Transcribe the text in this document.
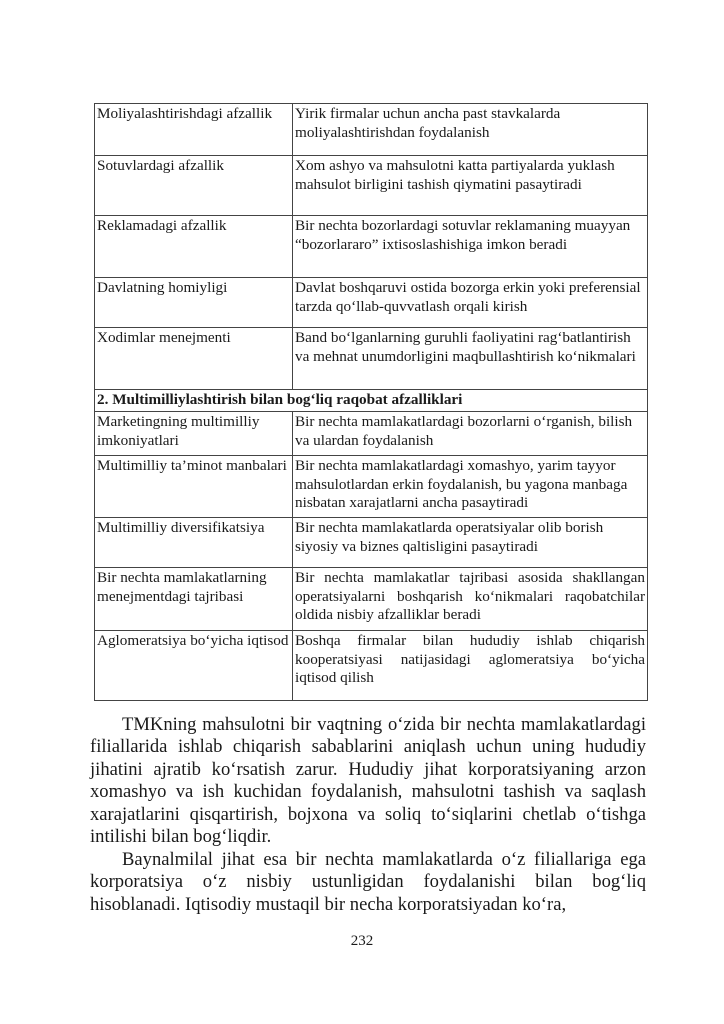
Moliyalashtirishdagi afzallik	Yirik firmalar uchun ancha past stavkalarda moliyalashtirishdan foydalanish
Sotuvlardagi afzallik	Xom ashyo va mahsulotni katta partiyalarda yuklash mahsulot birligini tashish qiymatini pasaytiradi
Reklamadagi afzallik	Bir nechta bozorlardagi sotuvlar reklamaning muayyan “bozorlararo” ixtisoslashishiga imkon beradi
Davlatning homiyligi	Davlat boshqaruvi ostida bozorga erkin yoki preferensial tarzda qo‘llab-quvvatlash orqali kirish
Xodimlar menejmenti	Band bo‘lganlarning guruhli faoliyatini rag‘batlantirish va mehnat unumdorligini maqbullashtirish ko‘nikmalari
2. Multimilliylashtirish bilan bog‘liq raqobat afzalliklari	
Marketingning multimilliy imkoniyatlari	Bir nechta mamlakatlardagi bozorlarni o‘rganish, bilish va ulardan foydalanish
Multimilliy ta’minot manbalari	Bir nechta mamlakatlardagi xomashyo, yarim tayyor mahsulotlardan erkin foydalanish, bu yagona manbaga nisbatan xarajatlarni ancha pasaytiradi
Multimilliy diversifikatsiya	Bir nechta mamlakatlarda operatsiyalar olib borish siyosiy va biznes qaltisligini pasaytiradi
Bir nechta mamlakatlarning menejmentdagi tajribasi	Bir nechta mamlakatlar tajribasi asosida shakllangan operatsiyalarni boshqarish ko‘nikmalari raqobatchilar oldida nisbiy afzalliklar beradi
Aglomeratsiya bo‘yicha iqtisod	Boshqa firmalar bilan hududiy ishlab chiqarish kooperatsiyasi natijasidagi aglomeratsiya bo‘yicha iqtisod qilish

TMKning mahsulotni bir vaqtning o‘zida bir nechta mamlakatlardagi filiallarida ishlab chiqarish sabablarini aniqlash uchun uning hududiy jihatini ajratib ko‘rsatish zarur. Hududiy jihat korporatsiyaning arzon xomashyo va ish kuchidan foydalanish, mahsulotni tashish va saqlash xarajatlarini qisqartirish, bojxona va soliq to‘siqlarini chetlab o‘tishga intilishi bilan bog‘liqdir.

Baynalmilal jihat esa bir nechta mamlakatlarda o‘z filiallariga ega korporatsiya o‘z nisbiy ustunligidan foydalanishi bilan bog‘liq hisoblanadi. Iqtisodiy mustaqil bir necha korporatsiyadan ko‘ra,

232
